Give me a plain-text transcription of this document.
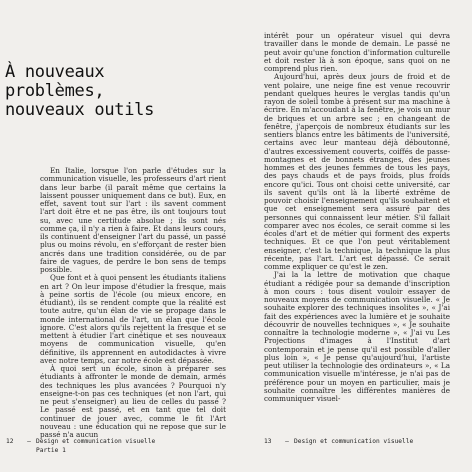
À nouveaux
problèmes,
nouveaux outils

En Italie, lorsque l'on parle d'études sur la communication visuelle, les professeurs d'art rient dans leur barbe (il paraît même que certains la laissent pousser uniquement dans ce but). Eux, en effet, savent tout sur l'art : ils savent comment l'art doit être et ne pas être, ils ont toujours tout su, avec une certitude absolue ; ils sont nés comme ça, il n'y a rien à faire. Et dans leurs cours, ils continuent d'enseigner l'art du passé, un passé plus ou moins révolu, en s'efforçant de rester bien ancrés dans une tradition considérée, ou de par faire de vagues, de perdre le bon sens de temps possible.

Que font et à quoi pensent les étudiants italiens en art ? On leur impose d'étudier la fresque, mais à peine sortis de l'école (ou mieux encore, en étudiant), ils se rendent compte que la réalité est toute autre, qu'un élan de vie se propage dans le monde international de l'art, un élan que l'école ignore. C'est alors qu'ils rejettent la fresque et se mettent à étudier l'art cinétique et ses nouveaux moyens de communication visuelle, qu'en définitive, ils apprennent en autodidactes à vivre avec notre temps, car notre école est dépassée.

À quoi sert un école, sinon à préparer ses étudiants à affronter le monde de demain, armés des techniques les plus avancées ? Pourquoi n'y enseigne-t-on pas ces techniques (et non l'art, qui ne peut s'enseigner) au lieu de celles du passé ? Le passé est passé, et en tant que tel doit continuer de jouer avec, comme le fit l'Art nouveau : une éducation qui ne repose que sur le passé n'a aucun

12 — Design et communication visuelle
Partie 1

intérêt pour un opérateur visuel qui devra travailler dans le monde de demain. Le passé ne peut avoir qu'une fonction d'information culturelle et doit rester là à son époque, sans quoi on ne comprend plus rien.

Aujourd'hui, après deux jours de froid et de vent polaire, une neige fine est venue recouvrir pendant quelques heures le verglas tandis qu'un rayon de soleil tombe à présent sur ma machine à écrire. En m'accoudant à la fenêtre, je vois un mur de briques et un arbre sec ; en changeant de fenêtre, j'aperçois de nombreux étudiants sur les sentiers blancs entre les bâtiments de l'université, certains avec leur manteau déjà déboutonné, d'autres excessivement couverts, coiffés de passe-montagnes et de bonnets étranges, des jeunes hommes et des jeunes femmes de tous les pays, des pays chauds et de pays froids, plus froids encore qu'ici. Tous ont choisi cette université, car ils savent qu'ils ont là la liberté extrême de pouvoir choisir l'enseignement qu'ils souhaitent et que cet enseignement sera assuré par des personnes qui connaissent leur métier. S'il fallait comparer avec nos écoles, ce serait comme si les écoles d'art et de métier qui forment des experts techniques. Et ce que l'on peut véritablement enseigner, c'est la technique, la technique la plus récente, pas l'art. L'art est dépassé. Ce serait comme expliquer ce qu'est le zen.

J'ai la la lettre de motivation que chaque étudiant a rédigée pour sa demande d'inscription à mon cours : tous disent vouloir essayer de nouveaux moyens de communication visuelle. « Je souhaite explorer des techniques insolites », « J'ai fait des expériences avec la lumière et je souhaite découvrir de nouvelles techniques », « Je souhaite connaître la technologie moderne », « J'ai vu Les Projections d'images à l'Institut d'art contemporain et je pense qu'il est possible d'aller plus loin », « Je pense qu'aujourd'hui, l'artiste peut utiliser la technologie des ordinateurs », « La communication visuelle m'intéresse, je n'ai pas de préférence pour un moyen en particulier, mais je souhaite connaître les différentes manières de communiquer visuel-

13 — Design et communication visuelle
